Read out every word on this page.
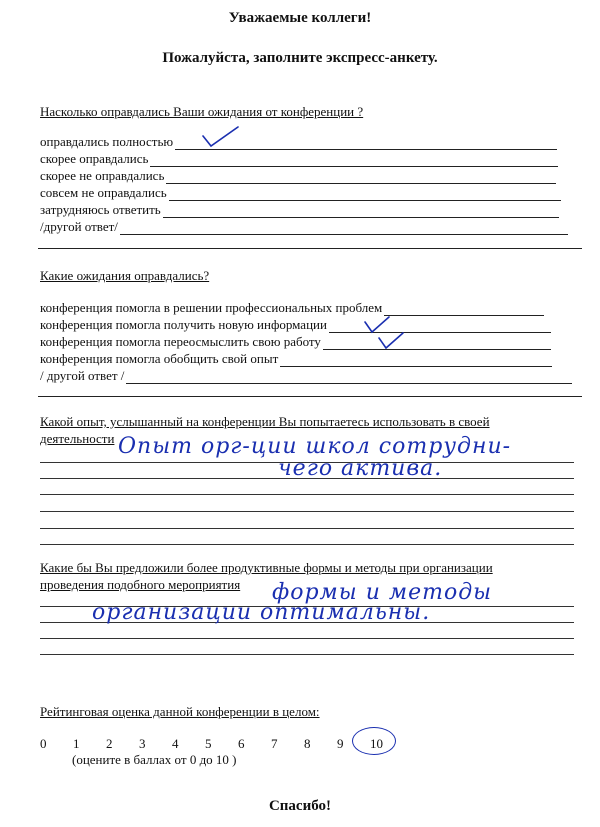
Уважаемые коллеги!
Пожалуйста, заполните экспресс-анкету.
Насколько оправдались Ваши ожидания от конференции ?
оправдались полностью
скорее оправдались
скорее не оправдались
совсем не оправдались
затрудняюсь ответить
/другой ответ/
Какие ожидания оправдались?
конференция помогла в решении профессиональных проблем
конференция помогла получить новую информации
конференция помогла переосмыслить свою работу
конференция помогла обобщить свой опыт
/ другой ответ /
Какой опыт, услышанный на конференции Вы попытаетесь использовать в своей
деятельности Опыт орг-ции школ сотрудни-
чего актива.
Какие бы Вы предложили более продуктивные формы и методы при организации
проведения подобного мероприятия формы и методы
организации оптимальны.
Рейтинговая оценка данной конференции в целом:
0	1	2	3	4	5	6	7	8	9	10
(оцените в баллах от 0 до 10 )
Спасибо!
